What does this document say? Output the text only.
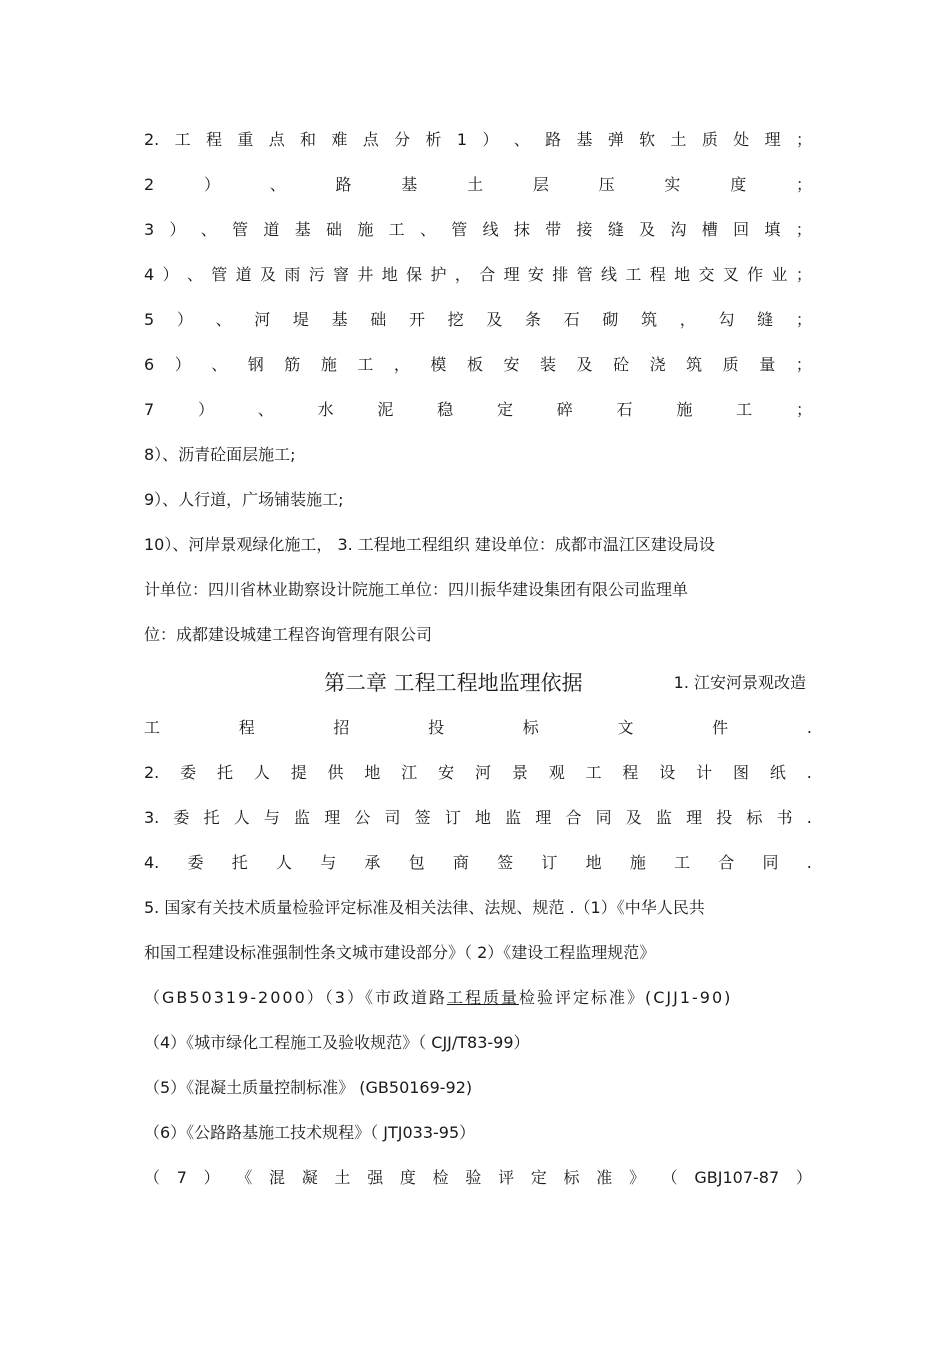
2. 工 程 重 点 和 难 点 分 析 1 ） 、 路 基 弹 软 土 质 处 理 ；
2	）	、	路	基	土	层	压	实	度	；
3 ） 、 管 道 基 础 施 工 、 管 线 抹 带 接 缝 及 沟 槽 回 填 ；
4 ） 、 管 道 及 雨 污 窨 井 地 保 护 ， 合 理 安 排 管 线 工 程 地 交 叉 作 业 ；
5 ） 、 河 堤 基 础 开 挖 及 条 石 砌 筑 ， 勾 缝 ；
6 ） 、 钢 筋 施 工 ， 模 板 安 装 及 砼 浇 筑 质 量 ；
7	）	、	水	泥	稳	定	碎	石	施	工	；
8）、沥青砼面层施工;
9）、人行道，广场铺装施工;
10）、河岸景观绿化施工， 3. 工程地工程组织 建设单位：成都市温江区建设局设
计单位：四川省林业勘察设计院施工单位：四川振华建设集团有限公司监理单
位：成都建设城建工程咨询管理有限公司
第二章 工程工程地监理依据	1. 江安河景观改造
工	程	招	投	标	文	件	.
2. 委 托 人 提 供 地 江 安 河 景 观 工 程 设 计 图 纸 .
3. 委 托 人 与 监 理 公 司 签 订 地 监 理 合 同 及 监 理 投 标 书 .
4. 委 托 人 与 承 包 商 签 订 地 施 工 合 同 .
5. 国家有关技术质量检验评定标准及相关法律、法规、规范 .（1）《中华人民共
和国工程建设标准强制性条文城市建设部分》（ 2）《建设工程监理规范》
（GB50319-2000）（3）《市政道路工程质量检验评定标准》(CJJ1-90)
（4）《城市绿化工程施工及验收规范》（ CJJ/T83-99）
（5）《混凝土质量控制标准》 (GB50169-92)
（6）《公路路基施工技术规程》（ JTJ033-95）
（ 7 ） 《 混 凝 土 强 度 检 验 评 定 标 准 》 （ GBJ107-87 ）
